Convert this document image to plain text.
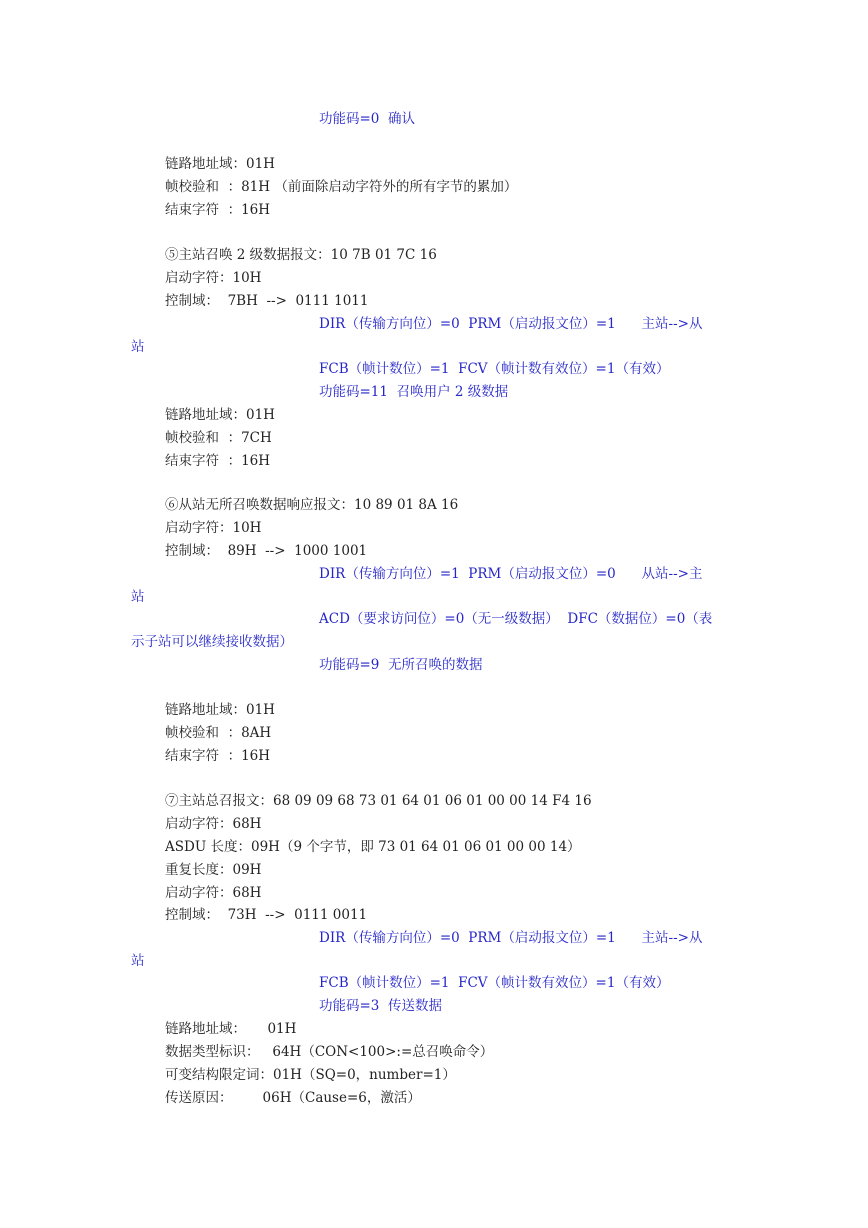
功能码=0  确认
链路地址域：01H
帧校验和  ：81H （前面除启动字符外的所有字节的累加）
结束字符  ：16H
⑤主站召唤 2 级数据报文：10 7B 01 7C 16
启动字符：10H
控制域：  7BH  -->  0111 1011
DIR（传输方向位）=0  PRM（启动报文位）=1      主站-->从
站
FCB（帧计数位）=1  FCV（帧计数有效位）=1（有效）
功能码=11  召唤用户 2 级数据
链路地址域：01H
帧校验和  ：7CH
结束字符  ：16H
⑥从站无所召唤数据响应报文：10 89 01 8A 16
启动字符：10H
控制域：  89H  -->  1000 1001
DIR（传输方向位）=1  PRM（启动报文位）=0      从站-->主
站
ACD（要求访问位）=0（无一级数据）  DFC（数据位）=0（表
示子站可以继续接收数据）
功能码=9  无所召唤的数据
链路地址域：01H
帧校验和  ：8AH
结束字符  ：16H
⑦主站总召报文：68 09 09 68 73 01 64 01 06 01 00 00 14 F4 16
启动字符：68H
ASDU 长度：09H（9 个字节，即 73 01 64 01 06 01 00 00 14）
重复长度：09H
启动字符：68H
控制域：  73H  -->  0111 0011
DIR（传输方向位）=0  PRM（启动报文位）=1      主站-->从
站
FCB（帧计数位）=1  FCV（帧计数有效位）=1（有效）
功能码=3  传送数据
链路地址域：     01H
数据类型标识：   64H（CON<100>:=总召唤命令）
可变结构限定词：01H（SQ=0，number=1）
传送原因：       06H（Cause=6，激活）
